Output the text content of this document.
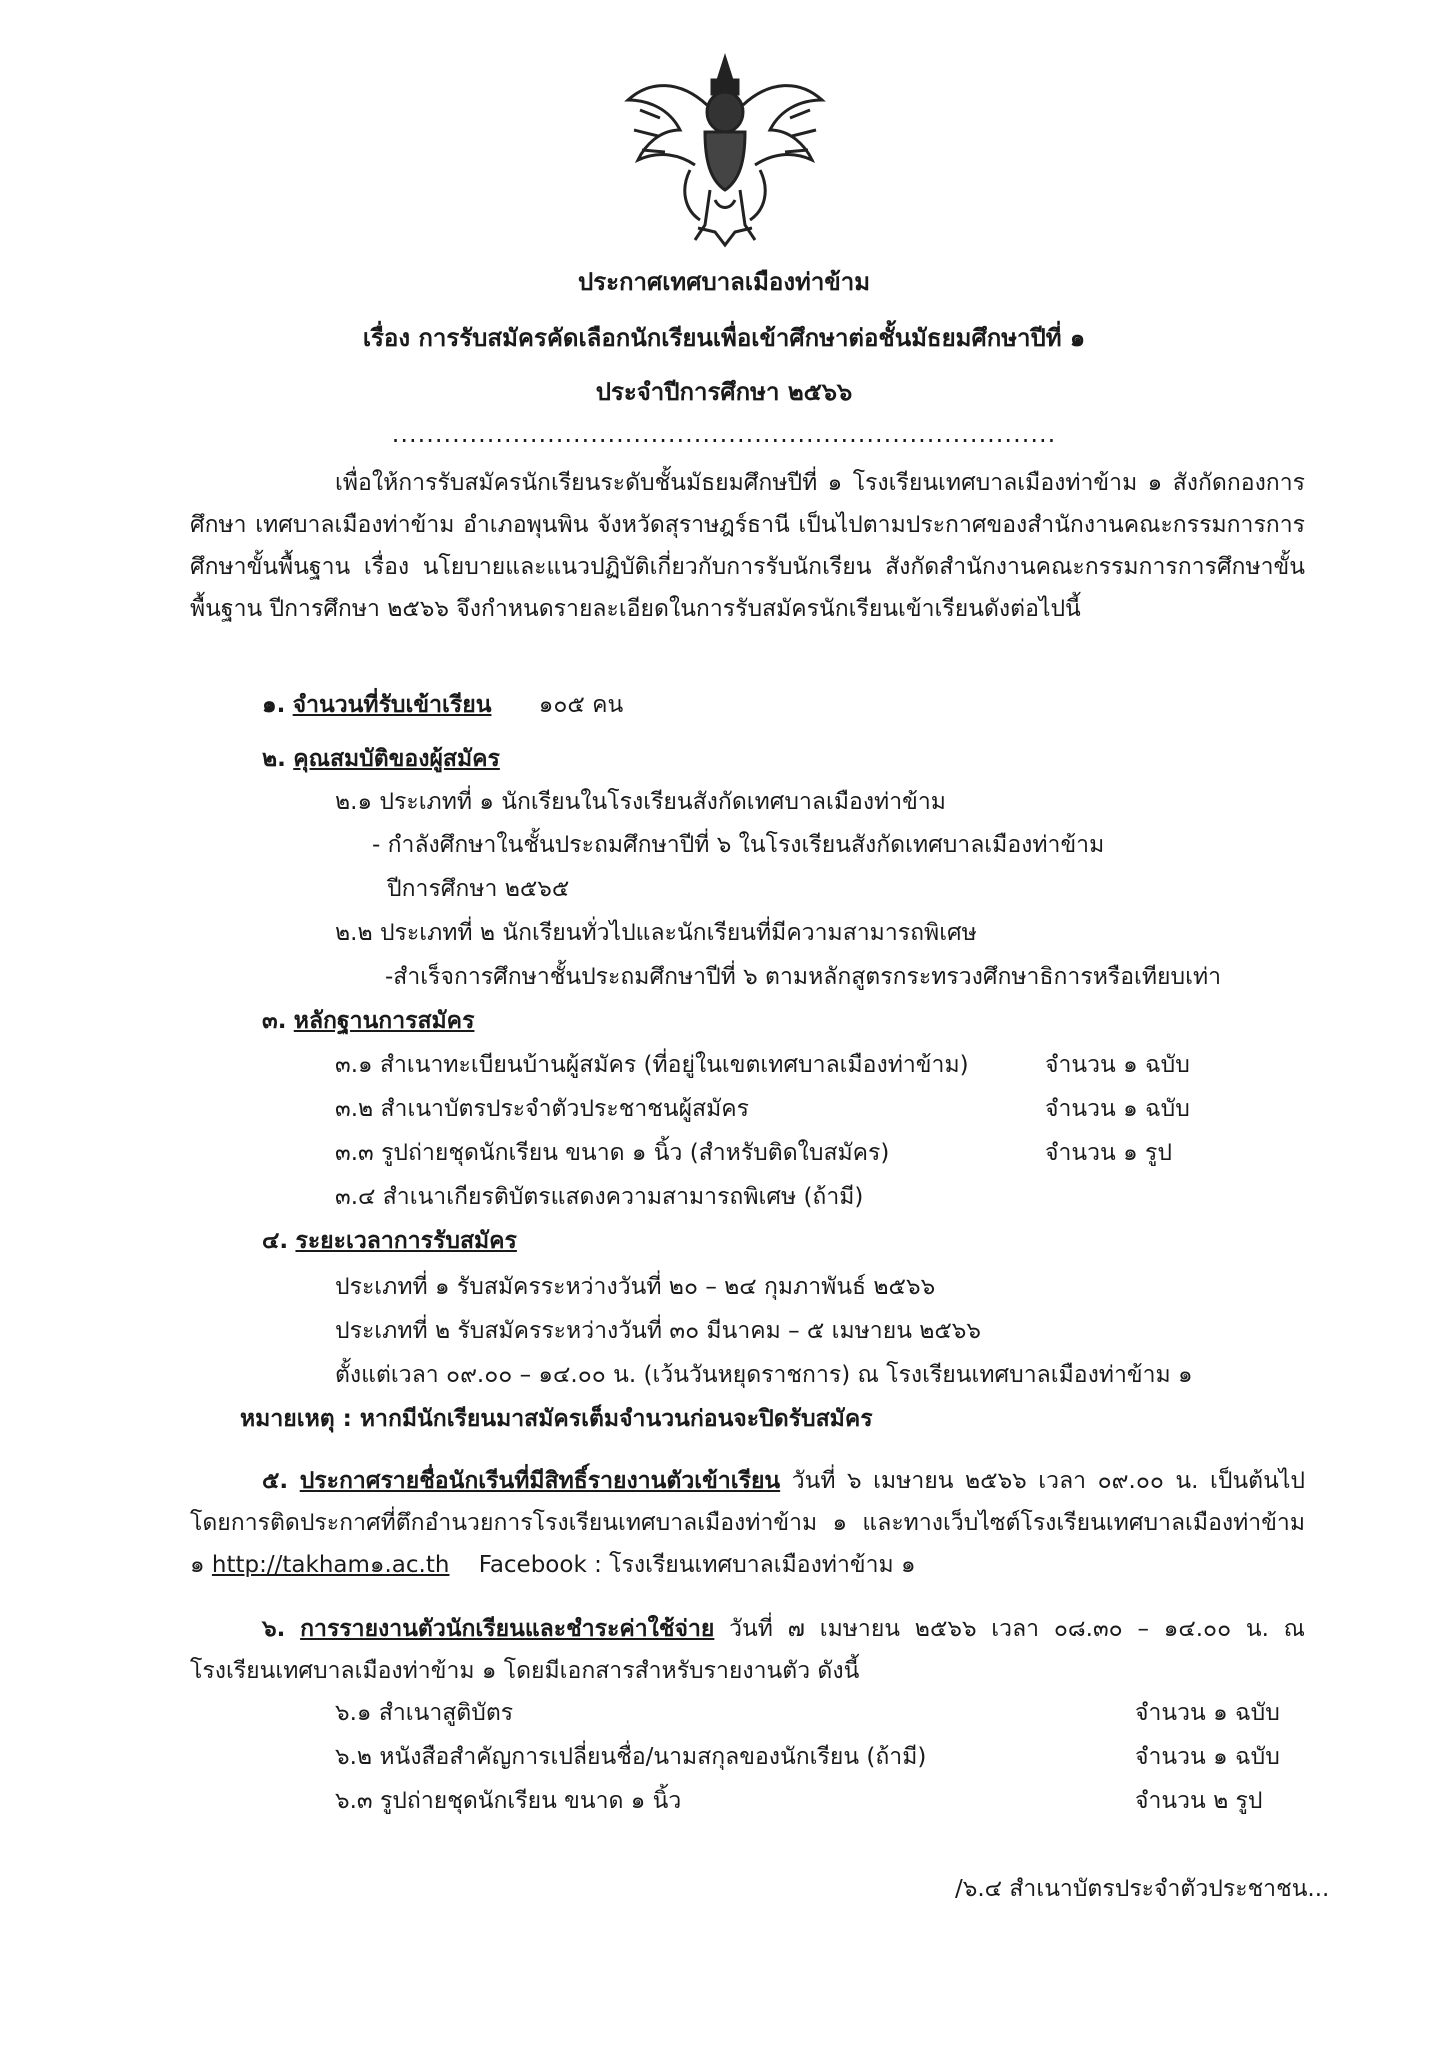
ประกาศเทศบาลเมืองท่าข้าม
เรื่อง การรับสมัครคัดเลือกนักเรียนเพื่อเข้าศึกษาต่อชั้นมัธยมศึกษาปีที่ ๑
ประจำปีการศึกษา ๒๕๖๖
.............................................................................
เพื่อให้การรับสมัครนักเรียนระดับชั้นมัธยมศึกษปีที่ ๑ โรงเรียนเทศบาลเมืองท่าข้าม ๑ สังกัดกองการศึกษา เทศบาลเมืองท่าข้าม อำเภอพุนพิน จังหวัดสุราษฎร์ธานี เป็นไปตามประกาศของสำนักงานคณะกรรมการการศึกษาขั้นพื้นฐาน เรื่อง นโยบายและแนวปฏิบัติเกี่ยวกับการรับนักเรียน สังกัดสำนักงานคณะกรรมการการศึกษาขั้นพื้นฐาน ปีการศึกษา ๒๕๖๖ จึงกำหนดรายละเอียดในการรับสมัครนักเรียนเข้าเรียนดังต่อไปนี้
๑. จำนวนที่รับเข้าเรียน ๑๐๕ คน
๒. คุณสมบัติของผู้สมัคร
๒.๑ ประเภทที่ ๑ นักเรียนในโรงเรียนสังกัดเทศบาลเมืองท่าข้าม
- กำลังศึกษาในชั้นประถมศึกษาปีที่ ๖ ในโรงเรียนสังกัดเทศบาลเมืองท่าข้าม
ปีการศึกษา ๒๕๖๕
๒.๒ ประเภทที่ ๒ นักเรียนทั่วไปและนักเรียนที่มีความสามารถพิเศษ
-สำเร็จการศึกษาชั้นประถมศึกษาปีที่ ๖ ตามหลักสูตรกระทรวงศึกษาธิการหรือเทียบเท่า
๓. หลักฐานการสมัคร
๓.๑ สำเนาทะเบียนบ้านผู้สมัคร (ที่อยู่ในเขตเทศบาลเมืองท่าข้าม)	จำนวน ๑ ฉบับ
๓.๒ สำเนาบัตรประจำตัวประชาชนผู้สมัคร	จำนวน ๑ ฉบับ
๓.๓ รูปถ่ายชุดนักเรียน ขนาด ๑ นิ้ว (สำหรับติดใบสมัคร)	จำนวน ๑ รูป
๓.๔ สำเนาเกียรติบัตรแสดงความสามารถพิเศษ (ถ้ามี)
๔. ระยะเวลาการรับสมัคร
ประเภทที่ ๑ รับสมัครระหว่างวันที่ ๒๐ – ๒๔ กุมภาพันธ์ ๒๕๖๖
ประเภทที่ ๒ รับสมัครระหว่างวันที่ ๓๐ มีนาคม – ๕ เมษายน ๒๕๖๖
ตั้งแต่เวลา ๐๙.๐๐ – ๑๔.๐๐ น. (เว้นวันหยุดราชการ) ณ โรงเรียนเทศบาลเมืองท่าข้าม ๑
หมายเหตุ : หากมีนักเรียนมาสมัครเต็มจำนวนก่อนจะปิดรับสมัคร
๕. ประกาศรายชื่อนักเรีนที่มีสิทธิ์รายงานตัวเข้าเรียน วันที่ ๖ เมษายน ๒๕๖๖ เวลา ๐๙.๐๐ น. เป็นต้นไป โดยการติดประกาศที่ตึกอำนวยการโรงเรียนเทศบาลเมืองท่าข้าม ๑ และทางเว็บไซต์โรงเรียนเทศบาลเมืองท่าข้าม ๑ http://takham๑.ac.th Facebook : โรงเรียนเทศบาลเมืองท่าข้าม ๑
๖. การรายงานตัวนักเรียนและชำระค่าใช้จ่าย วันที่ ๗ เมษายน ๒๕๖๖ เวลา ๐๘.๓๐ – ๑๔.๐๐ น. ณ โรงเรียนเทศบาลเมืองท่าข้าม ๑ โดยมีเอกสารสำหรับรายงานตัว ดังนี้
๖.๑ สำเนาสูติบัตร	จำนวน ๑ ฉบับ
๖.๒ หนังสือสำคัญการเปลี่ยนชื่อ/นามสกุลของนักเรียน (ถ้ามี)	จำนวน ๑ ฉบับ
๖.๓ รูปถ่ายชุดนักเรียน ขนาด ๑ นิ้ว	จำนวน ๒ รูป
/๖.๔ สำเนาบัตรประจำตัวประชาชน...
